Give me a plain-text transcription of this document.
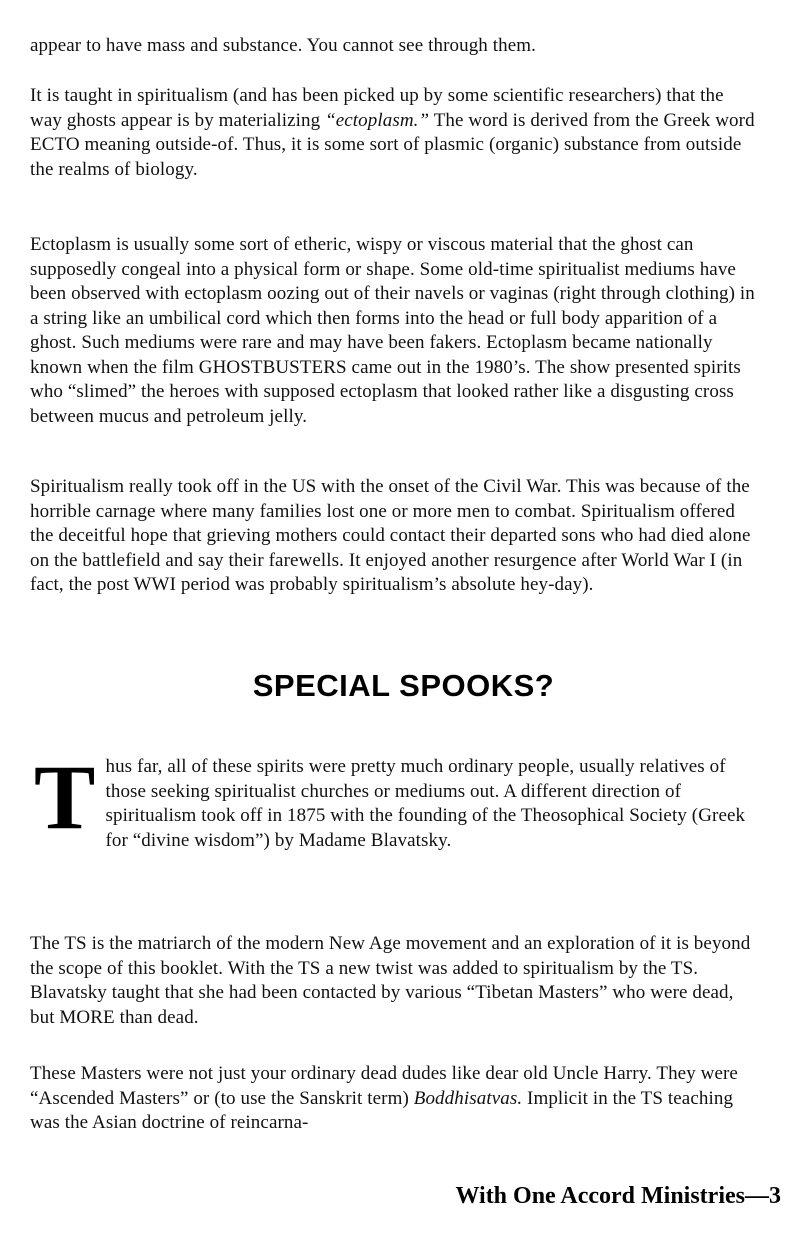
appear to have mass and substance. You cannot see through them.

It is taught in spiritualism (and has been picked up by some scientific researchers) that the way ghosts appear is by materializing “ectoplasm.” The word is derived from the Greek word ECTO meaning outside-of. Thus, it is some sort of plasmic (organic) substance from outside the realms of biology.

Ectoplasm is usually some sort of etheric, wispy or viscous material that the ghost can supposedly congeal into a physical form or shape. Some old-time spiritualist mediums have been observed with ectoplasm oozing out of their navels or vaginas (right through clothing) in a string like an umbilical cord which then forms into the head or full body apparition of a ghost. Such mediums were rare and may have been fakers. Ectoplasm became nationally known when the film GHOSTBUSTERS came out in the 1980’s. The show presented spirits who “slimed” the heroes with supposed ectoplasm that looked rather like a disgusting cross between mucus and petroleum jelly.

Spiritualism really took off in the US with the onset of the Civil War. This was because of the horrible carnage where many families lost one or more men to combat. Spiritualism offered the deceitful hope that grieving mothers could contact their departed sons who had died alone on the battlefield and say their farewells. It enjoyed another resurgence after World War I (in fact, the post WWI period was probably spiritualism’s absolute hey-day).

SPECIAL SPOOKS?

Thus far, all of these spirits were pretty much ordinary people, usually relatives of those seeking spiritualist churches or mediums out. A different direction of spiritualism took off in 1875 with the founding of the Theosophical Society (Greek for “divine wisdom”) by Madame Blavatsky.

The TS is the matriarch of the modern New Age movement and an exploration of it is beyond the scope of this booklet. With the TS a new twist was added to spiritualism by the TS. Blavatsky taught that she had been contacted by various “Tibetan Masters” who were dead, but MORE than dead.

These Masters were not just your ordinary dead dudes like dear old Uncle Harry. They were “Ascended Masters” or (to use the Sanskrit term) Boddhisatvas. Implicit in the TS teaching was the Asian doctrine of reincarna-

With One Accord Ministries—3
